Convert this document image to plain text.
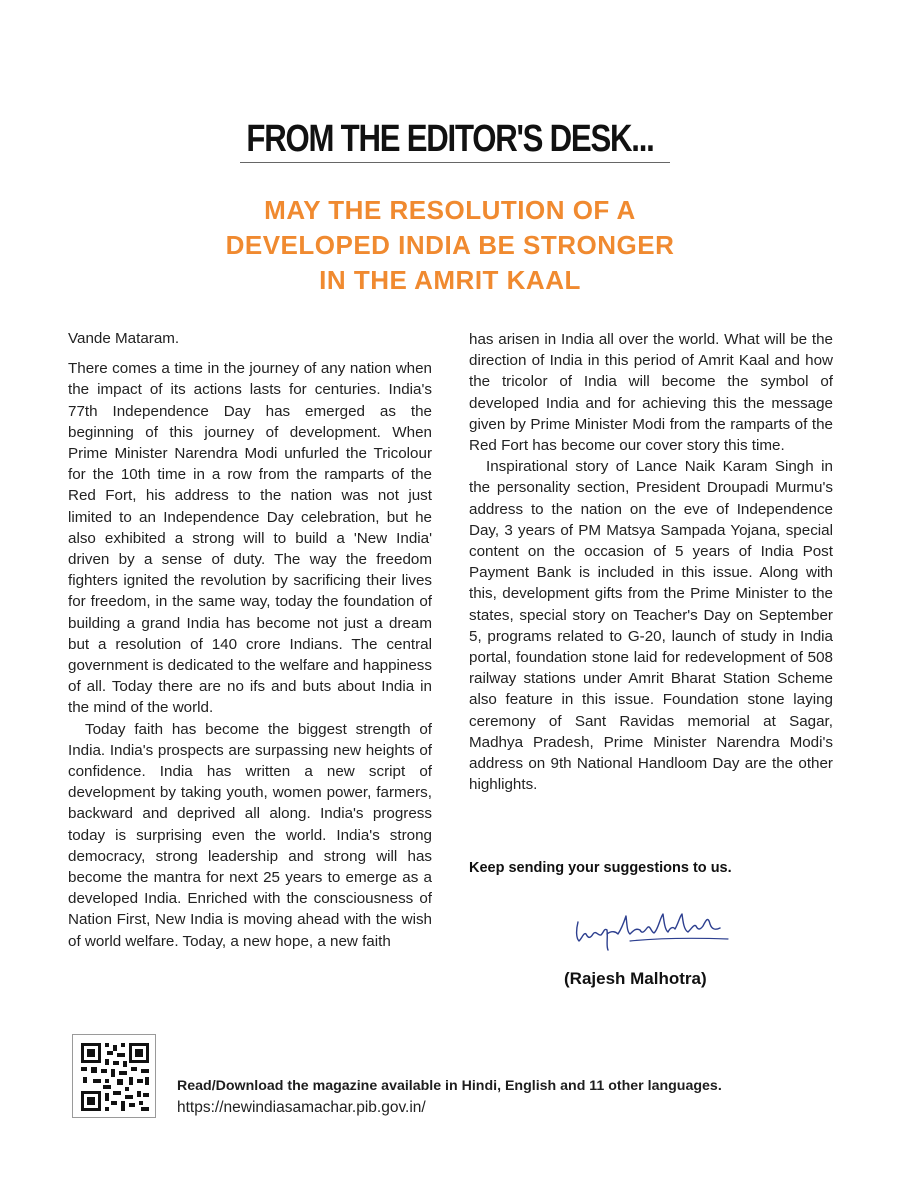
FROM THE EDITOR'S DESK...
MAY THE RESOLUTION OF A
DEVELOPED INDIA BE STRONGER
IN THE AMRIT KAAL

Vande Mataram.

There comes a time in the journey of any nation when the impact of its actions lasts for centuries. India's 77th Independence Day has emerged as the beginning of this journey of development. When Prime Minister Narendra Modi unfurled the Tricolour for the 10th time in a row from the ramparts of the Red Fort, his address to the nation was not just limited to an Independence Day celebration, but he also exhibited a strong will to build a 'New India' driven by a sense of duty. The way the freedom fighters ignited the revolution by sacrificing their lives for freedom, in the same way, today the foundation of building a grand India has become not just a dream but a resolution of 140 crore Indians. The central government is dedicated to the welfare and happiness of all. Today there are no ifs and buts about India in the mind of the world.

Today faith has become the biggest strength of India. India's prospects are surpassing new heights of confidence. India has written a new script of development by taking youth, women power, farmers, backward and deprived all along. India's progress today is surprising even the world. India's strong democracy, strong leadership and strong will has become the mantra for next 25 years to emerge as a developed India. Enriched with the consciousness of Nation First, New India is moving ahead with the wish of world welfare. Today, a new hope, a new faith

has arisen in India all over the world. What will be the direction of India in this period of Amrit Kaal and how the tricolor of India will become the symbol of developed India and for achieving this the message given by Prime Minister Modi from the ramparts of the Red Fort has become our cover story this time.

Inspirational story of Lance Naik Karam Singh in the personality section, President Droupadi Murmu's address to the nation on the eve of Independence Day, 3 years of PM Matsya Sampada Yojana, special content on the occasion of 5 years of India Post Payment Bank is included in this issue. Along with this, development gifts from the Prime Minister to the states, special story on Teacher's Day on September 5, programs related to G-20, launch of study in India portal, foundation stone laid for redevelopment of 508 railway stations under Amrit Bharat Station Scheme also feature in this issue. Foundation stone laying ceremony of Sant Ravidas memorial at Sagar, Madhya Pradesh, Prime Minister Narendra Modi's address on 9th National Handloom Day are the other highlights.

Keep sending your suggestions to us.
(Rajesh Malhotra)
Read/Download the magazine available in Hindi, English and 11 other languages.
https://newindiasamachar.pib.gov.in/
